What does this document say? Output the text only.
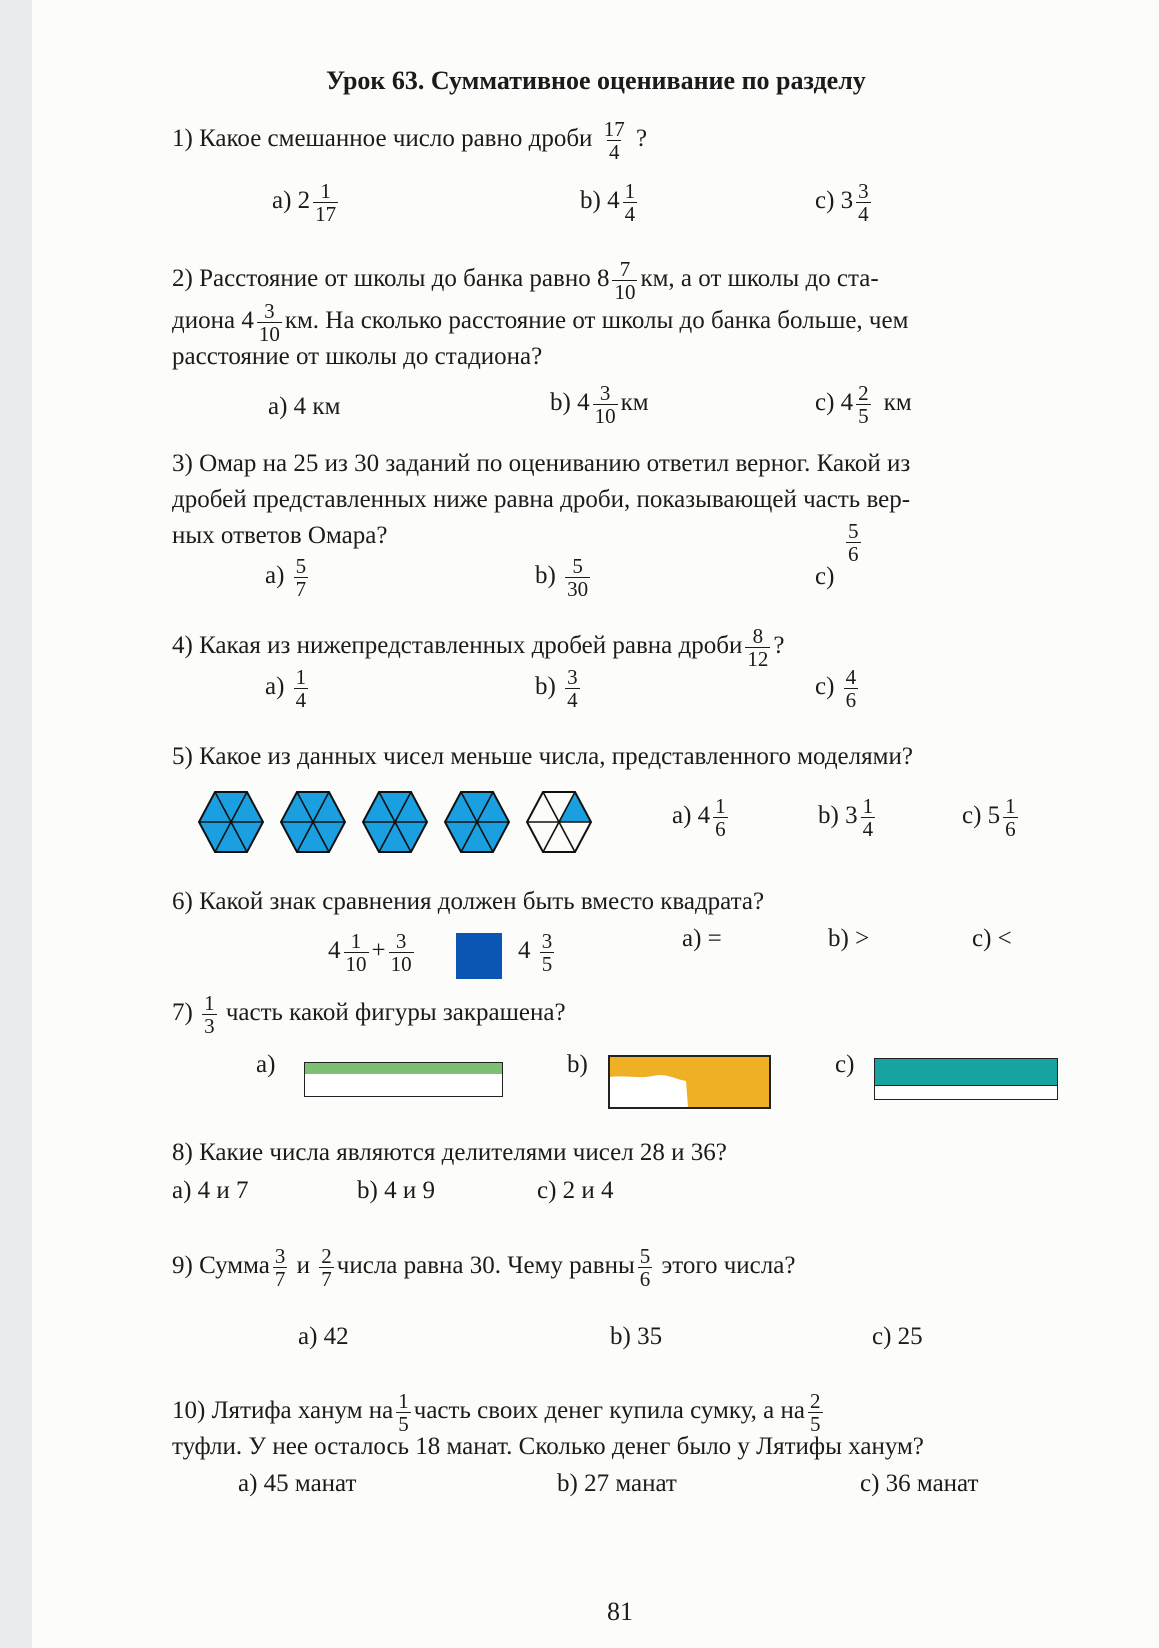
Урок 63. Суммативное оценивание по разделу
1) Какое смешанное число равно дроби $\frac{17}{4}$ ?
a) $2 \frac{1}{17}$	b) $4 \frac{1}{4}$	c) $3 \frac{3}{4}$
2) Расстояние от школы до банка равно $8 \frac{7}{10}$ км, а от школы до ста-
диона $4 \frac{3}{10}$ км. На сколько расстояние от школы до банка больше, чем
расстояние от школы до стадиона?
a) 4 км	b) $4 \frac{3}{10}$ км	c) $4 \frac{2}{5}$ км
3) Омар на 25 из 30 заданий по оцениванию ответил верног. Какой из
дробей представленных ниже равна дроби, показывающей часть вер-
ных ответов Омара?
$a) \frac{5}{7}$	$b) \frac{5}{30}$	c)
$\frac{5}{6}$
4) Какая из нижепредставленных дробей равна дроби $\frac{8}{12}$ ?
$a) \frac{1}{4}$	$b) \frac{3}{4}$	$c) \frac{4}{6}$
5) Какое из данных чисел меньше числа, представленного моделями?
a) $4 \frac{1}{6}$	b) $3 \frac{1}{4}$	c) $5 \frac{1}{6}$
6) Какой знак сравнения должен быть вместо квадрата?
$4 \frac{1}{10} + \frac{3}{10}$	$4 \frac{3}{5}$	a) =	b) >	c) <
$7) \frac{1}{3}$ часть какой фигуры закрашена?
a)	b)	c)
8) Какие числа являются делителями чисел 28 и 36?
a) 4 и 7	b) 4 и 9	c) 2 и 4
9) Сумма $\frac{3}{7}$ и $\frac{2}{7}$ числа равна 30. Чему равны $\frac{5}{6}$ этого числа?
a) 42	b) 35	c) 25
10) Лятифа ханум на $\frac{1}{5}$ часть своих денег купила сумку, а на $\frac{2}{5}$
туфли. У нее осталось 18 манат. Сколько денег было у Лятифы ханум?
a) 45 манат	b) 27 манат	c) 36 манат
81
